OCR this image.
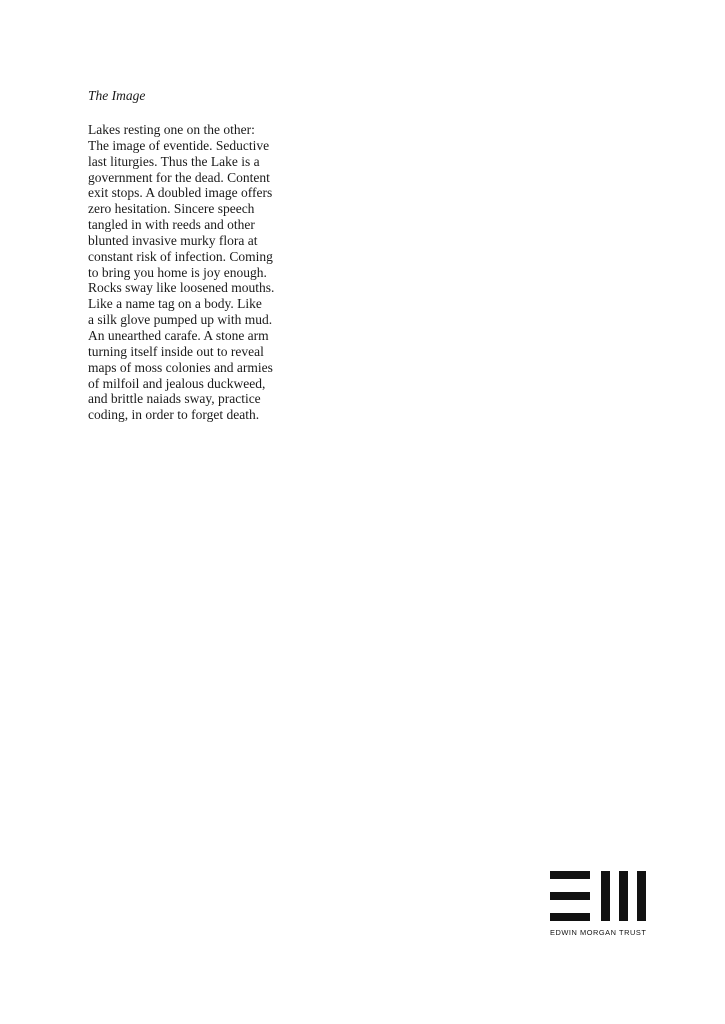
The Image
Lakes resting one on the other:
The image of eventide. Seductive
last liturgies. Thus the Lake is a
government for the dead. Content
exit stops. A doubled image offers
zero hesitation. Sincere speech
tangled in with reeds and other
blunted invasive murky flora at
constant risk of infection. Coming
to bring you home is joy enough.
Rocks sway like loosened mouths.
Like a name tag on a body. Like
a silk glove pumped up with mud.
An unearthed carafe. A stone arm
turning itself inside out to reveal
maps of moss colonies and armies
of milfoil and jealous duckweed,
and brittle naiads sway, practice
coding, in order to forget death.
EDWIN MORGAN TRUST
